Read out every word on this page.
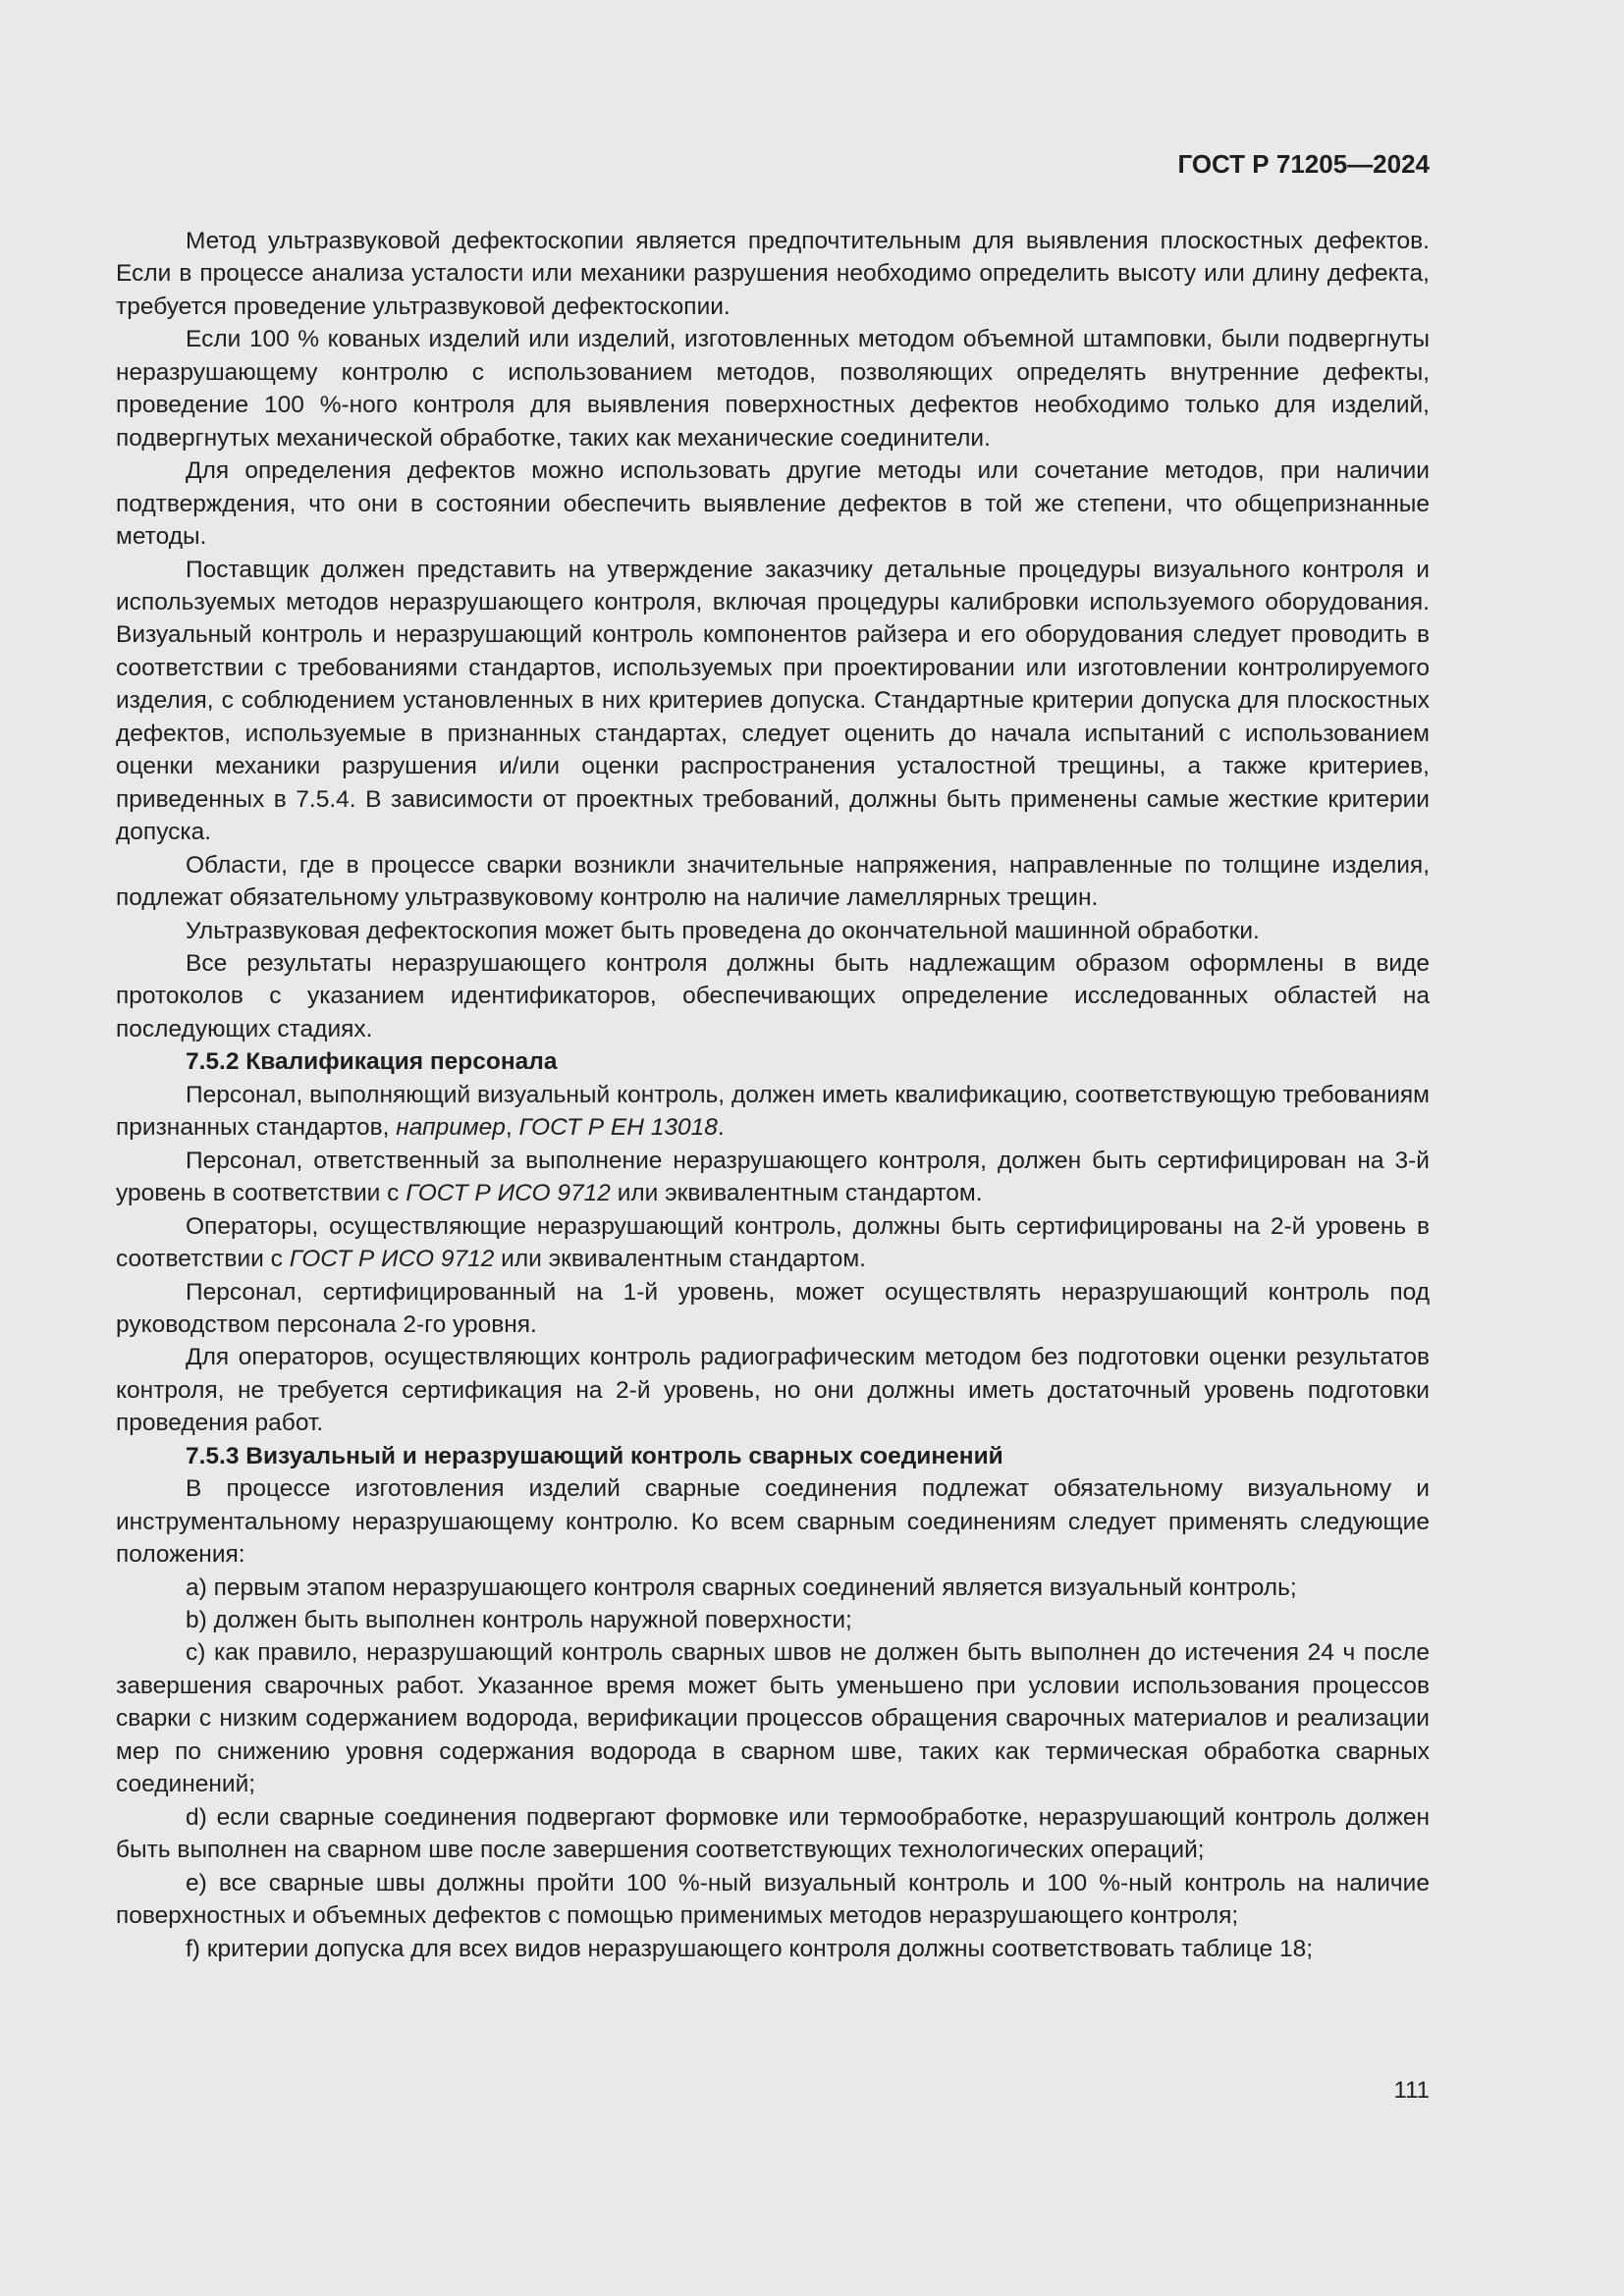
ГОСТ Р 71205—2024

Метод ультразвуковой дефектоскопии является предпочтительным для выявления плоскостных дефектов. Если в процессе анализа усталости или механики разрушения необходимо определить высоту или длину дефекта, требуется проведение ультразвуковой дефектоскопии.

Если 100 % кованых изделий или изделий, изготовленных методом объемной штамповки, были подвергнуты неразрушающему контролю с использованием методов, позволяющих определять внутренние дефекты, проведение 100 %-ного контроля для выявления поверхностных дефектов необходимо только для изделий, подвергнутых механической обработке, таких как механические соединители.

Для определения дефектов можно использовать другие методы или сочетание методов, при наличии подтверждения, что они в состоянии обеспечить выявление дефектов в той же степени, что общепризнанные методы.

Поставщик должен представить на утверждение заказчику детальные процедуры визуального контроля и используемых методов неразрушающего контроля, включая процедуры калибровки используемого оборудования. Визуальный контроль и неразрушающий контроль компонентов райзера и его оборудования следует проводить в соответствии с требованиями стандартов, используемых при проектировании или изготовлении контролируемого изделия, с соблюдением установленных в них критериев допуска. Стандартные критерии допуска для плоскостных дефектов, используемые в признанных стандартах, следует оценить до начала испытаний с использованием оценки механики разрушения и/или оценки распространения усталостной трещины, а также критериев, приведенных в 7.5.4. В зависимости от проектных требований, должны быть применены самые жесткие критерии допуска.

Области, где в процессе сварки возникли значительные напряжения, направленные по толщине изделия, подлежат обязательному ультразвуковому контролю на наличие ламеллярных трещин.

Ультразвуковая дефектоскопия может быть проведена до окончательной машинной обработки.

Все результаты неразрушающего контроля должны быть надлежащим образом оформлены в виде протоколов с указанием идентификаторов, обеспечивающих определение исследованных областей на последующих стадиях.

7.5.2 Квалификация персонала

Персонал, выполняющий визуальный контроль, должен иметь квалификацию, соответствующую требованиям признанных стандартов, например, ГОСТ Р ЕН 13018.

Персонал, ответственный за выполнение неразрушающего контроля, должен быть сертифицирован на 3-й уровень в соответствии с ГОСТ Р ИСО 9712 или эквивалентным стандартом.

Операторы, осуществляющие неразрушающий контроль, должны быть сертифицированы на 2-й уровень в соответствии с ГОСТ Р ИСО 9712 или эквивалентным стандартом.

Персонал, сертифицированный на 1-й уровень, может осуществлять неразрушающий контроль под руководством персонала 2-го уровня.

Для операторов, осуществляющих контроль радиографическим методом без подготовки оценки результатов контроля, не требуется сертификация на 2-й уровень, но они должны иметь достаточный уровень подготовки проведения работ.

7.5.3 Визуальный и неразрушающий контроль сварных соединений

В процессе изготовления изделий сварные соединения подлежат обязательному визуальному и инструментальному неразрушающему контролю. Ко всем сварным соединениям следует применять следующие положения:

a) первым этапом неразрушающего контроля сварных соединений является визуальный контроль;

b) должен быть выполнен контроль наружной поверхности;

c) как правило, неразрушающий контроль сварных швов не должен быть выполнен до истечения 24 ч после завершения сварочных работ. Указанное время может быть уменьшено при условии использования процессов сварки с низким содержанием водорода, верификации процессов обращения сварочных материалов и реализации мер по снижению уровня содержания водорода в сварном шве, таких как термическая обработка сварных соединений;

d) если сварные соединения подвергают формовке или термообработке, неразрушающий контроль должен быть выполнен на сварном шве после завершения соответствующих технологических операций;

e) все сварные швы должны пройти 100 %-ный визуальный контроль и 100 %-ный контроль на наличие поверхностных и объемных дефектов с помощью применимых методов неразрушающего контроля;

f) критерии допуска для всех видов неразрушающего контроля должны соответствовать таблице 18;

111
